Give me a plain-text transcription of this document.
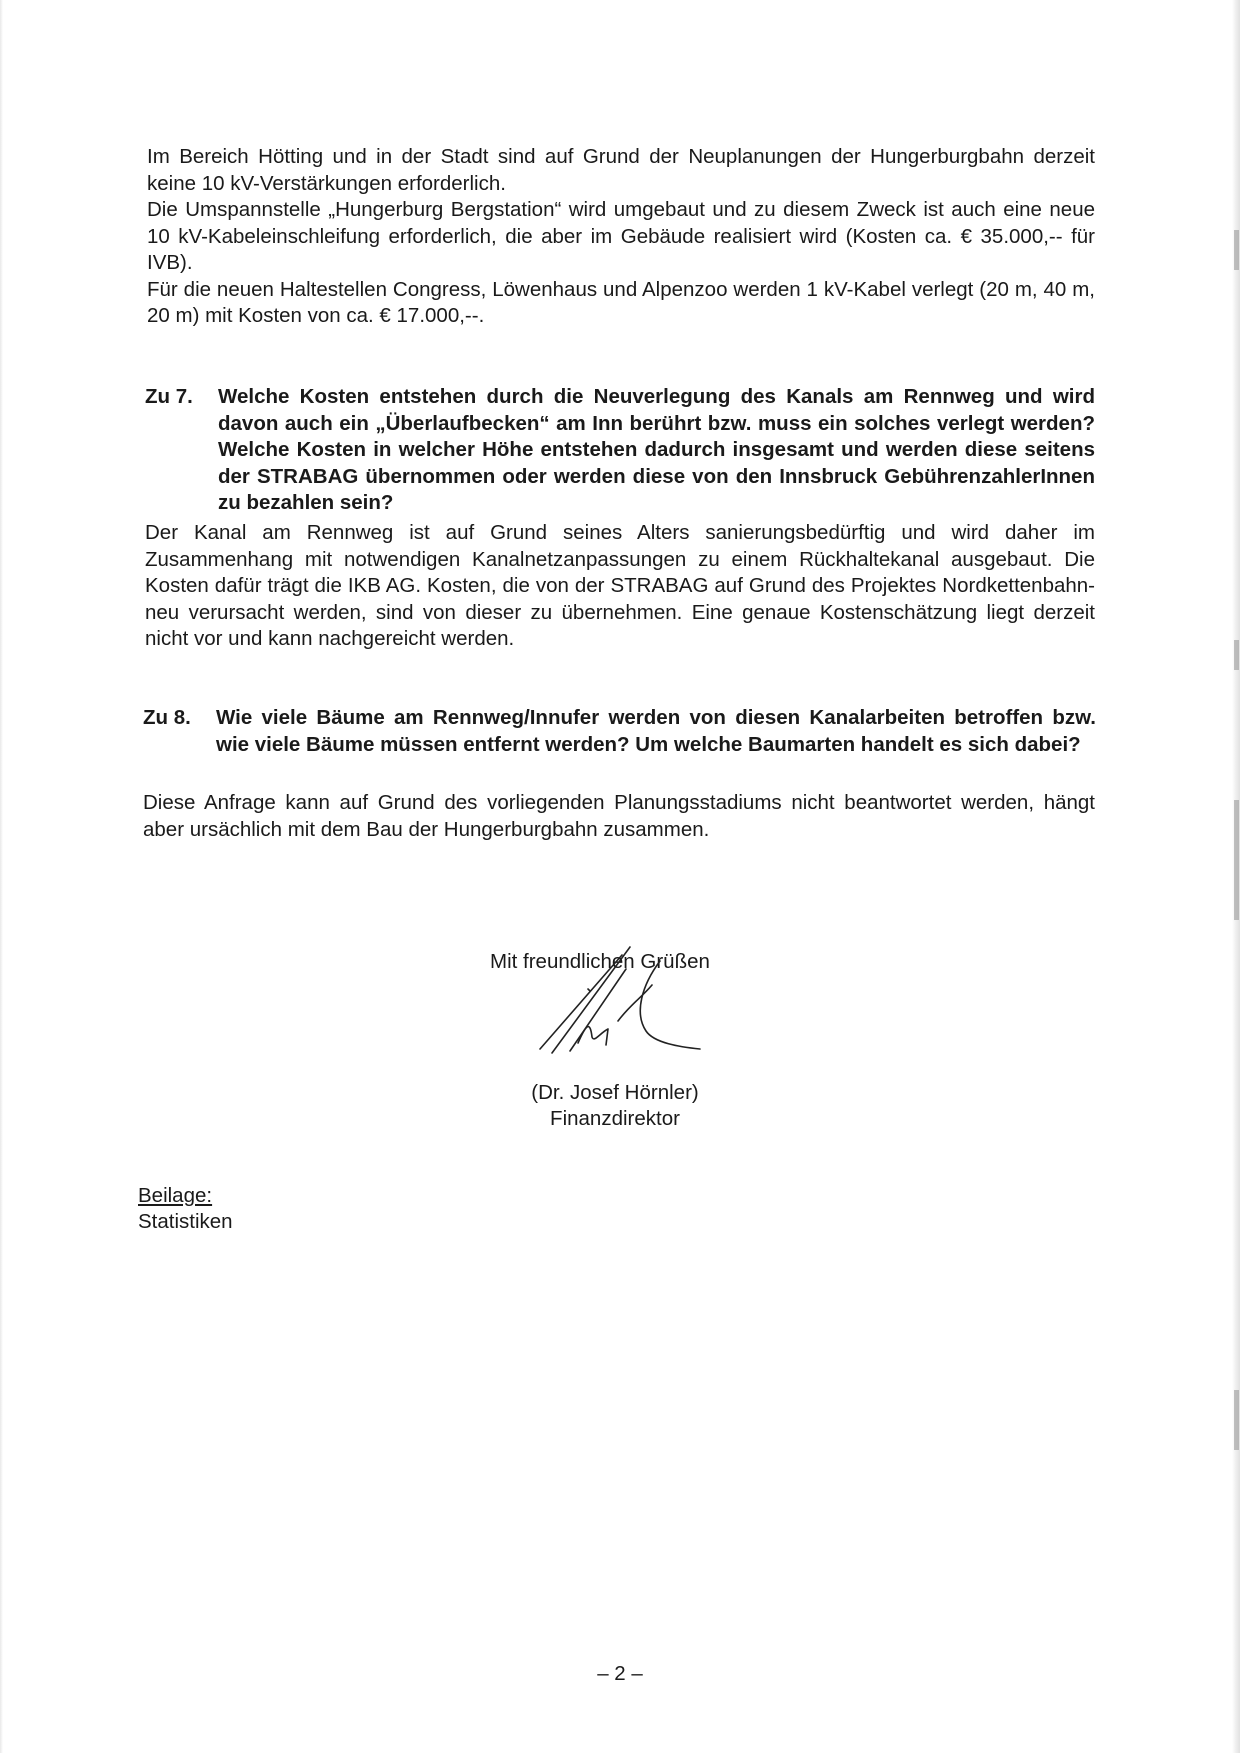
Im Bereich Hötting und in der Stadt sind auf Grund der Neuplanungen der Hungerburgbahn derzeit keine 10 kV-Verstärkungen erforderlich.
Die Umspannstelle „Hungerburg Bergstation“ wird umgebaut und zu diesem Zweck ist auch eine neue 10 kV-Kabeleinschleifung erforderlich, die aber im Gebäude realisiert wird (Kosten ca. € 35.000,-- für IVB).
Für die neuen Haltestellen Congress, Löwenhaus und Alpenzoo werden 1 kV-Kabel verlegt (20 m, 40 m, 20 m) mit Kosten von ca. € 17.000,--.
Zu 7.	Welche Kosten entstehen durch die Neuverlegung des Kanals am Rennweg und wird davon auch ein „Überlaufbecken“ am Inn berührt bzw. muss ein solches verlegt werden? Welche Kosten in welcher Höhe entstehen dadurch insgesamt und werden diese seitens der STRABAG übernommen oder werden diese von den Innsbruck GebührenzahlerInnen zu bezahlen sein?

Der Kanal am Rennweg ist auf Grund seines Alters sanierungsbedürftig und wird daher im Zusammenhang mit notwendigen Kanalnetzanpassungen zu einem Rückhaltekanal ausgebaut. Die Kosten dafür trägt die IKB AG. Kosten, die von der STRABAG auf Grund des Projektes Nordkettenbahn-neu verursacht werden, sind von dieser zu übernehmen. Eine genaue Kostenschätzung liegt derzeit nicht vor und kann nachgereicht werden.

Zu 8.	Wie viele Bäume am Rennweg/Innufer werden von diesen Kanalarbeiten betroffen bzw. wie viele Bäume müssen entfernt werden? Um welche Baumarten handelt es sich dabei?

Diese Anfrage kann auf Grund des vorliegenden Planungsstadiums nicht beantwortet werden, hängt aber ursächlich mit dem Bau der Hungerburgbahn zusammen.

Mit freundlichen Grüßen
(Dr. Josef Hörnler)
Finanzdirektor
Beilage:
Statistiken
– 2 –
